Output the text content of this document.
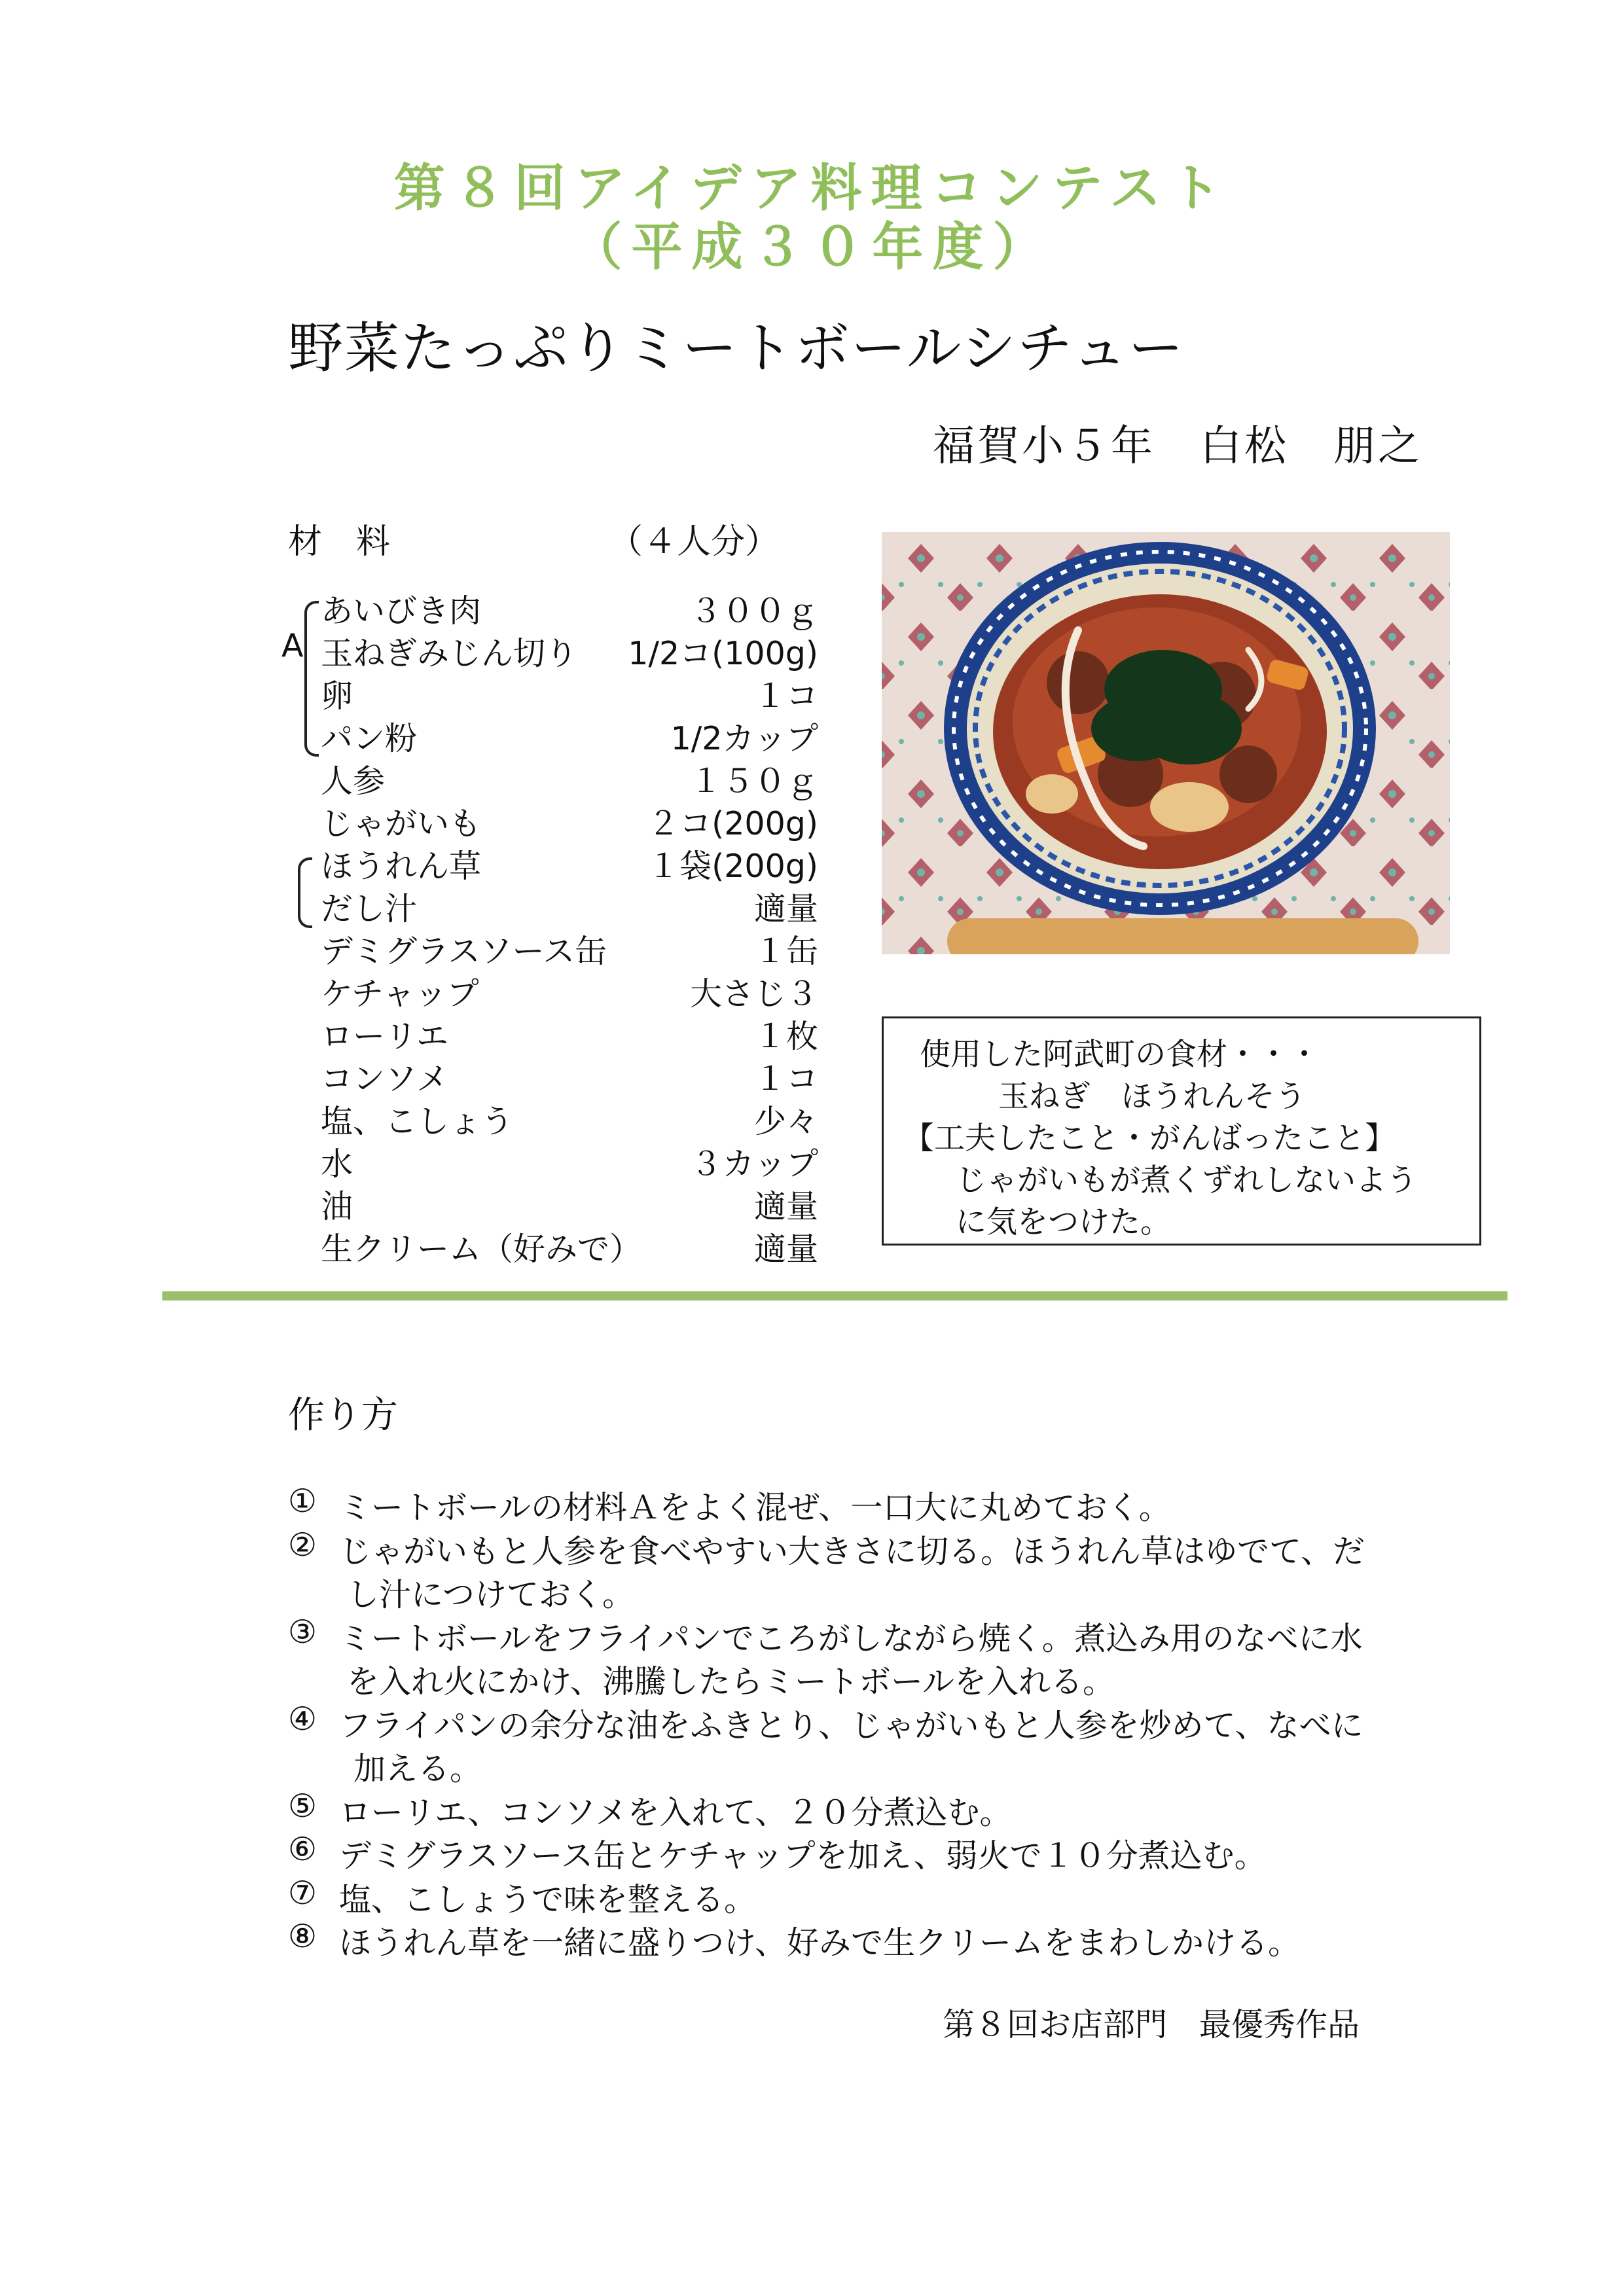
第８回アイデア料理コンテスト
（平成３０年度）
野菜たっぷりミートボールシチュー
福賀小５年　白松　朋之
材　料	（４人分）
A
あいびき肉	３００ｇ
玉ねぎみじん切り 1/2コ(100g)
卵	１コ
パン粉	1/2カップ
人参	１５０ｇ
じゃがいも	２コ(200g)
ほうれん草	１袋(200g)
だし汁	適量
デミグラスソース缶	１缶
ケチャップ	大さじ３
ローリエ	１枚
コンソメ	１コ
塩、こしょう	少々
水	３カップ
油	適量
生クリーム（好みで）	適量
使用した阿武町の食材・・・
玉ねぎ　ほうれんそう
【工夫したこと・がんばったこと】
じゃがいもが煮くずれしないよう
に気をつけた。
作り方
① ミートボールの材料Ａをよく混ぜ、一口大に丸めておく。
② じゃがいもと人参を食べやすい大きさに切る。ほうれん草はゆでて、だ
し汁につけておく。
③ ミートボールをフライパンでころがしながら焼く。煮込み用のなべに水
を入れ火にかけ、沸騰したらミートボールを入れる。
④ フライパンの余分な油をふきとり、じゃがいもと人参を炒めて、なべに
加える。
⑤ ローリエ、コンソメを入れて、２０分煮込む。
⑥ デミグラスソース缶とケチャップを加え、弱火で１０分煮込む。
⑦ 塩、こしょうで味を整える。
⑧ ほうれん草を一緒に盛りつけ、好みで生クリームをまわしかける。
第８回お店部門　最優秀作品
